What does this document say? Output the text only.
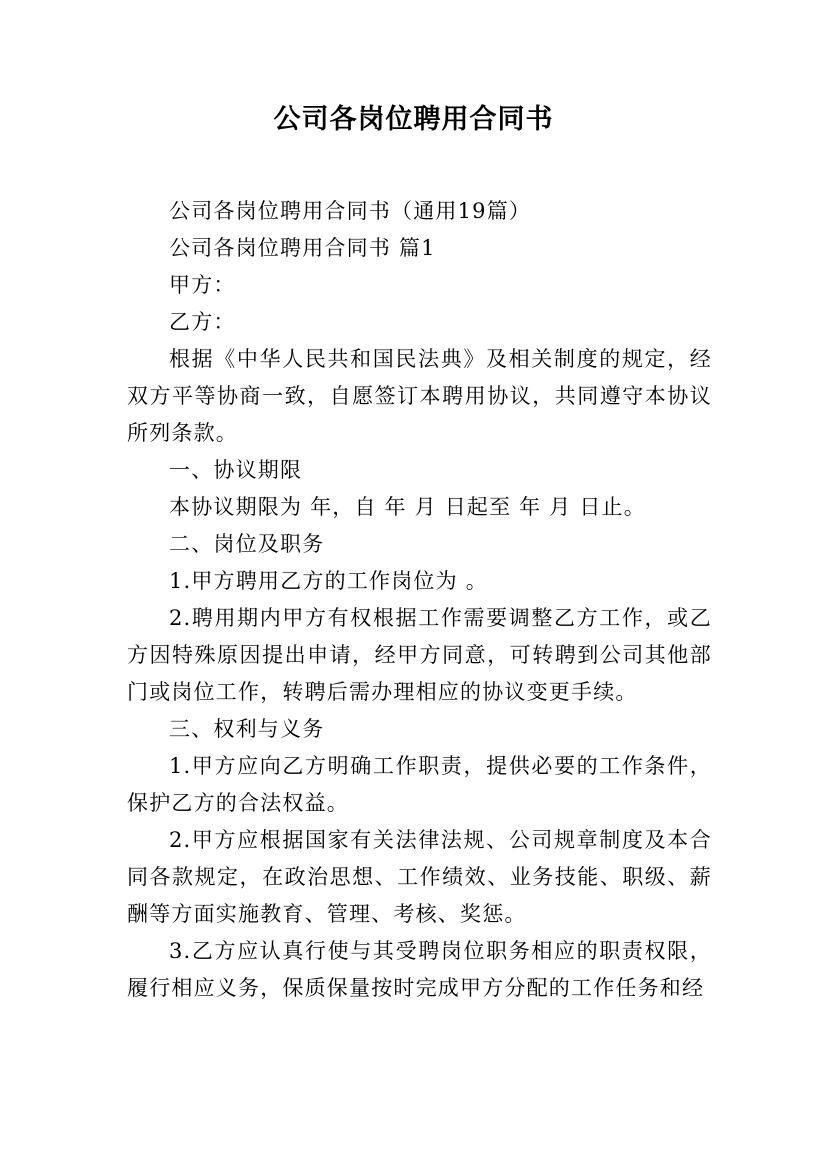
公司各岗位聘用合同书

公司各岗位聘用合同书（通用19篇）

公司各岗位聘用合同书 篇1

甲方：

乙方：

根据《中华人民共和国民法典》及相关制度的规定，经双方平等协商一致，自愿签订本聘用协议，共同遵守本协议所列条款。

一、协议期限

本协议期限为 年，自 年 月 日起至 年 月 日止。

二、岗位及职务

1.甲方聘用乙方的工作岗位为 。

2.聘用期内甲方有权根据工作需要调整乙方工作，或乙方因特殊原因提出申请，经甲方同意，可转聘到公司其他部门或岗位工作，转聘后需办理相应的协议变更手续。

三、权利与义务

1.甲方应向乙方明确工作职责，提供必要的工作条件，保护乙方的合法权益。

2.甲方应根据国家有关法律法规、公司规章制度及本合同各款规定，在政治思想、工作绩效、业务技能、职级、薪酬等方面实施教育、管理、考核、奖惩。

3.乙方应认真行使与其受聘岗位职务相应的职责权限，履行相应义务，保质保量按时完成甲方分配的工作任务和经
